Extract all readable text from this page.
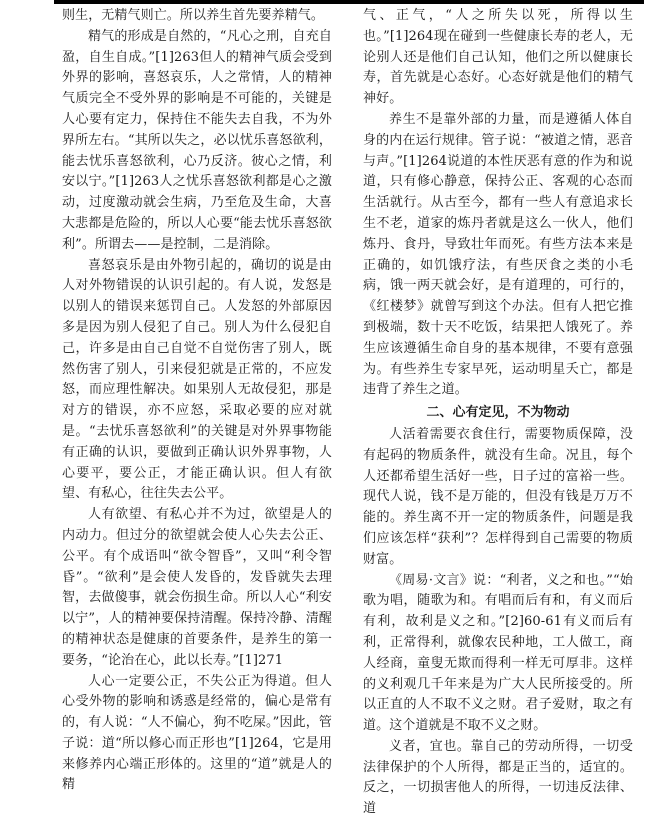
则生，无精气则亡。所以养生首先要养精气。

精气的形成是自然的，“凡心之刑，自充自盈，自生自成。”[1]263但人的精神气质会受到外界的影响，喜怒哀乐，人之常情，人的精神气质完全不受外界的影响是不可能的，关键是人心要有定力，保持住不能失去自我，不为外界所左右。“其所以失之，必以忧乐喜怒欲利，能去忧乐喜怒欲利，心乃反济。彼心之情，利安以宁。”[1]263人之忧乐喜怒欲利都是心之激动，过度激动就会生病，乃至危及生命，大喜大悲都是危险的，所以人心要“能去忧乐喜怒欲利”。所谓去——是控制，二是消除。

喜怒哀乐是由外物引起的，确切的说是由人对外物错误的认识引起的。有人说，发怒是以别人的错误来惩罚自己。人发怒的外部原因多是因为别人侵犯了自己。别人为什么侵犯自己，许多是由自己自觉不自觉伤害了别人，既然伤害了别人，引来侵犯就是正常的，不应发怒，而应理性解决。如果别人无故侵犯，那是对方的错误，亦不应怒，采取必要的应对就是。“去忧乐喜怒欲利”的关键是对外界事物能有正确的认识，要做到正确认识外界事物，人心要平，要公正，才能正确认识。但人有欲望、有私心，往往失去公平。

人有欲望、有私心并不为过，欲望是人的内动力。但过分的欲望就会使人心失去公正、公平。有个成语叫“欲令智昏”，又叫“利令智昏”。“欲利”是会使人发昏的，发昏就失去理智，去做傻事，就会伤损生命。所以人心“利安以宁”，人的精神要保持清醒。保持冷静、清醒的精神状态是健康的首要条件，是养生的第一要务，“论治在心，此以长寿。”[1]271

人心一定要公正，不失公正为得道。但人心受外物的影响和诱惑是经常的，偏心是常有的，有人说：“人不偏心，狗不吃屎。”因此，管子说：道“所以修心而正形也”[1]264，它是用来修养内心端正形体的。这里的“道”就是人的精

气、正气，“人之所失以死，所得以生也。”[1]264现在碰到一些健康长寿的老人，无论别人还是他们自己认知，他们之所以健康长寿，首先就是心态好。心态好就是他们的精气神好。

养生不是靠外部的力量，而是遵循人体自身的内在运行规律。管子说：“被道之情，恶音与声。”[1]264说道的本性厌恶有意的作为和说道，只有修心静意，保持公正、客观的心态而生活就行。从古至今，都有一些人有意追求长生不老，道家的炼丹者就是这么一伙人，他们炼丹、食丹，导致壮年而死。有些方法本来是正确的，如饥饿疗法，有些厌食之类的小毛病，饿一两天就会好，是有道理的，可行的，《红楼梦》就曾写到这个办法。但有人把它推到极端，数十天不吃饭，结果把人饿死了。养生应该遵循生命自身的基本规律，不要有意强为。有些养生专家早死，运动明星夭亡，都是违背了养生之道。

二、心有定见，不为物动

人活着需要衣食住行，需要物质保障，没有起码的物质条件，就没有生命。况且，每个人还都希望生活好一些，日子过的富裕一些。现代人说，钱不是万能的，但没有钱是万万不能的。养生离不开一定的物质条件，问题是我们应该怎样“获利”？怎样得到自己需要的物质财富。

《周易·文言》说：“利者，义之和也。”“始歌为唱，随歌为和。有唱而后有和，有义而后有利，故利是义之和。”[2]60-61有义而后有利，正常得利，就像农民种地，工人做工，商人经商，童叟无欺而得利一样无可厚非。这样的义利观几千年来是为广大人民所接受的。所以正直的人不取不义之财。君子爱财，取之有道。这个道就是不取不义之财。

义者，宜也。靠自己的劳动所得，一切受法律保护的个人所得，都是正当的，适宜的。反之，一切损害他人的所得，一切违反法律、道
